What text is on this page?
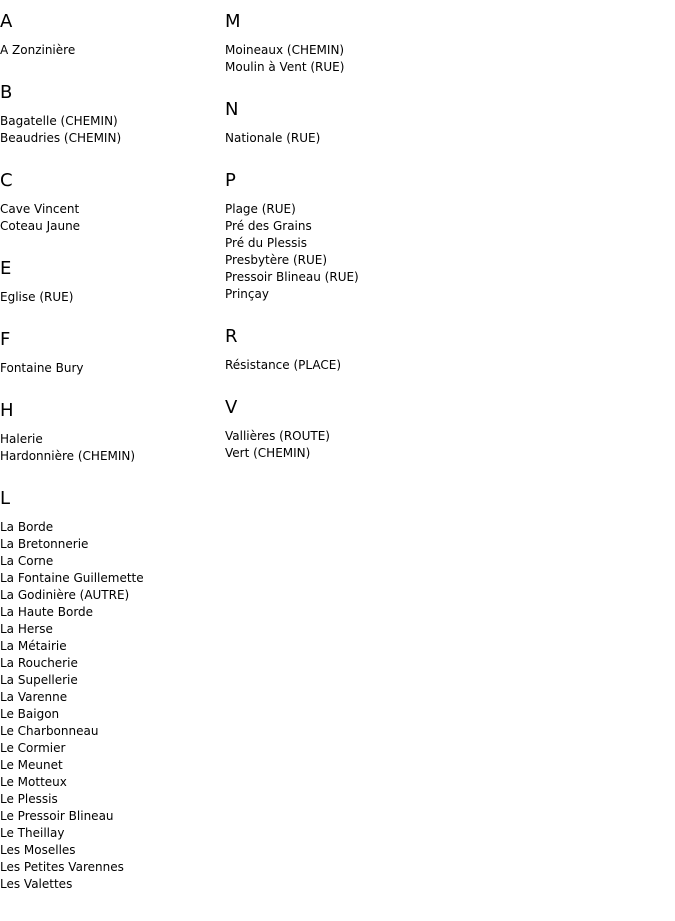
A
A Zonzinière
B
Bagatelle (CHEMIN)
Beaudries (CHEMIN)
C
Cave Vincent
Coteau Jaune
E
Eglise (RUE)
F
Fontaine Bury
H
Halerie
Hardonnière (CHEMIN)
L
La Borde
La Bretonnerie
La Corne
La Fontaine Guillemette
La Godinière (AUTRE)
La Haute Borde
La Herse
La Métairie
La Roucherie
La Supellerie
La Varenne
Le Baigon
Le Charbonneau
Le Cormier
Le Meunet
Le Motteux
Le Plessis
Le Pressoir Blineau
Le Theillay
Les Moselles
Les Petites Varennes
Les Valettes
M
Moineaux (CHEMIN)
Moulin à Vent (RUE)
N
Nationale (RUE)
P
Plage (RUE)
Pré des Grains
Pré du Plessis
Presbytère (RUE)
Pressoir Blineau (RUE)
Prinçay
R
Résistance (PLACE)
V
Vallières (ROUTE)
Vert (CHEMIN)
